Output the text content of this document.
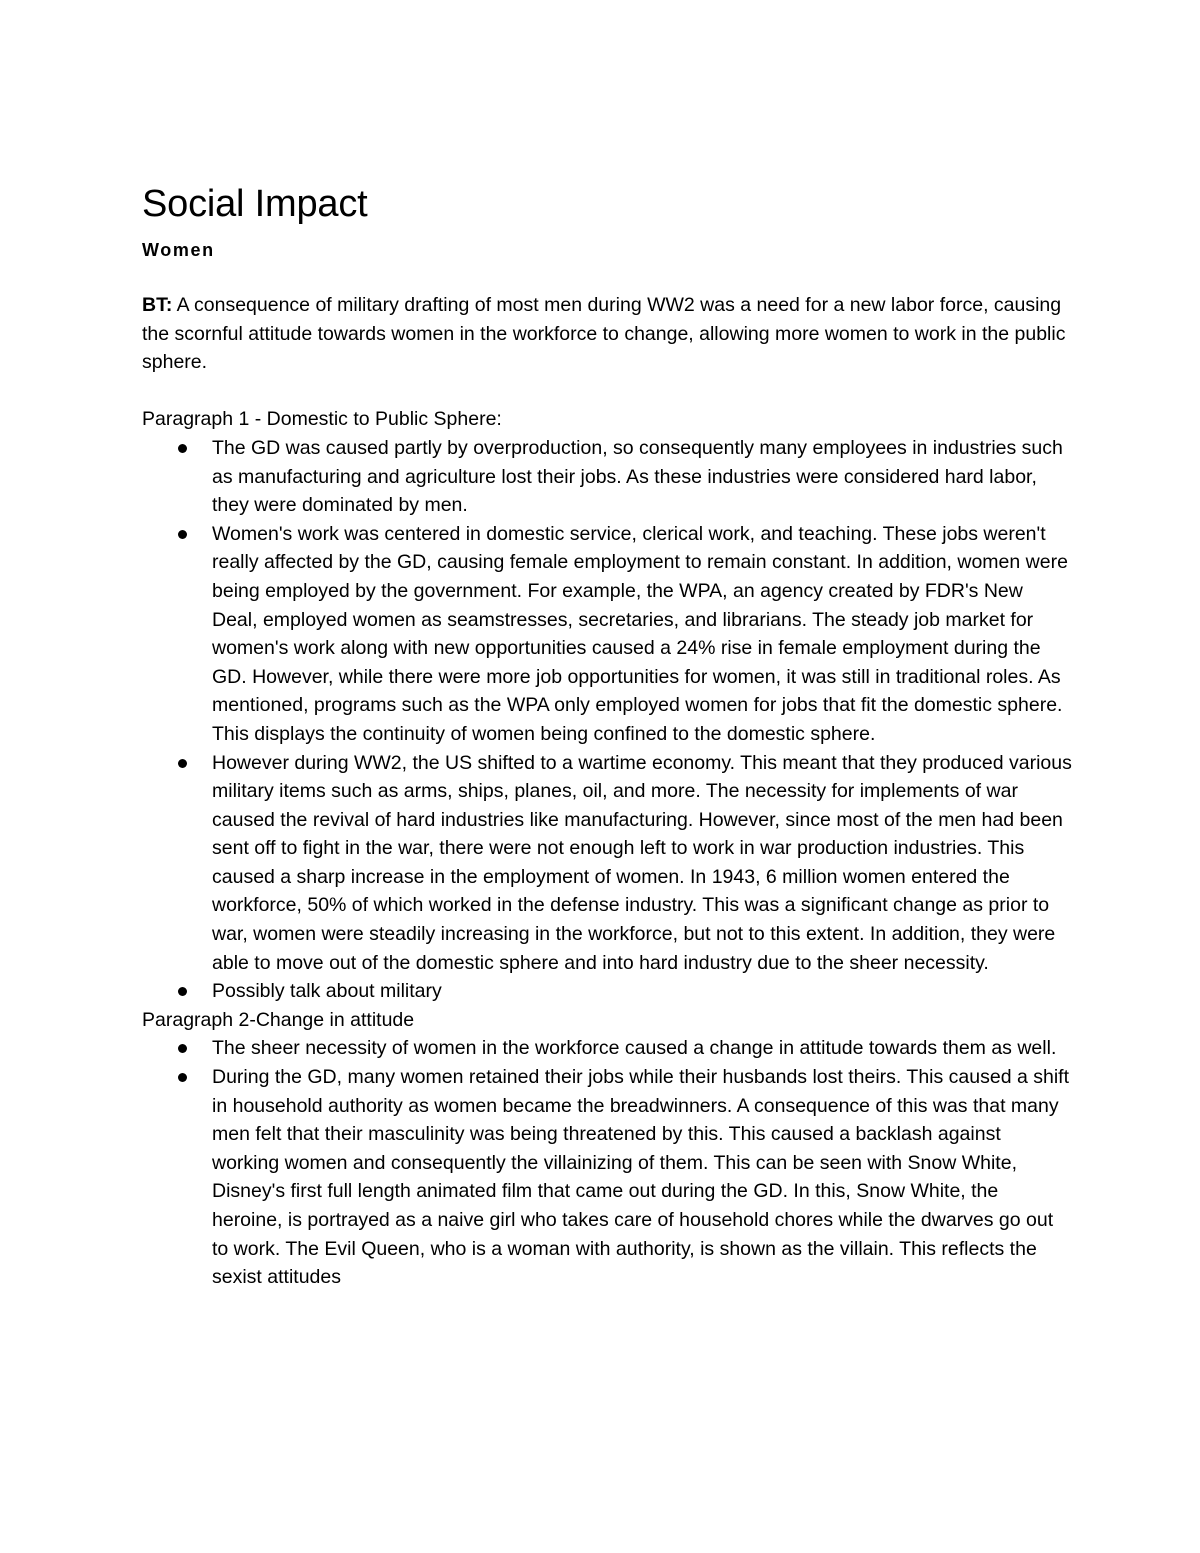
Social Impact
Women

BT: A consequence of military drafting of most men during WW2 was a need for a new labor force, causing the scornful attitude towards women in the workforce to change, allowing more women to work in the public sphere.

Paragraph 1 - Domestic to Public Sphere:

The GD was caused partly by overproduction, so consequently many employees in industries such as manufacturing and agriculture lost their jobs. As these industries were considered hard labor, they were dominated by men.
Women's work was centered in domestic service, clerical work, and teaching. These jobs weren't really affected by the GD, causing female employment to remain constant. In addition, women were being employed by the government. For example, the WPA, an agency created by FDR's New Deal, employed women as seamstresses, secretaries, and librarians. The steady job market for women's work along with new opportunities caused a 24% rise in female employment during the GD. However, while there were more job opportunities for women, it was still in traditional roles. As mentioned, programs such as the WPA only employed women for jobs that fit the domestic sphere. This displays the continuity of women being confined to the domestic sphere.
However during WW2, the US shifted to a wartime economy. This meant that they produced various military items such as arms, ships, planes, oil, and more. The necessity for implements of war caused the revival of hard industries like manufacturing. However, since most of the men had been sent off to fight in the war, there were not enough left to work in war production industries. This caused a sharp increase in the employment of women. In 1943, 6 million women entered the workforce, 50% of which worked in the defense industry. This was a significant change as prior to war, women were steadily increasing in the workforce, but not to this extent. In addition, they were able to move out of the domestic sphere and into hard industry due to the sheer necessity.
Possibly talk about military

Paragraph 2-Change in attitude

The sheer necessity of women in the workforce caused a change in attitude towards them as well.
During the GD, many women retained their jobs while their husbands lost theirs. This caused a shift in household authority as women became the breadwinners. A consequence of this was that many men felt that their masculinity was being threatened by this. This caused a backlash against working women and consequently the villainizing of them. This can be seen with Snow White, Disney's first full length animated film that came out during the GD. In this, Snow White, the heroine, is portrayed as a naive girl who takes care of household chores while the dwarves go out to work. The Evil Queen, who is a woman with authority, is shown as the villain. This reflects the sexist attitudes
